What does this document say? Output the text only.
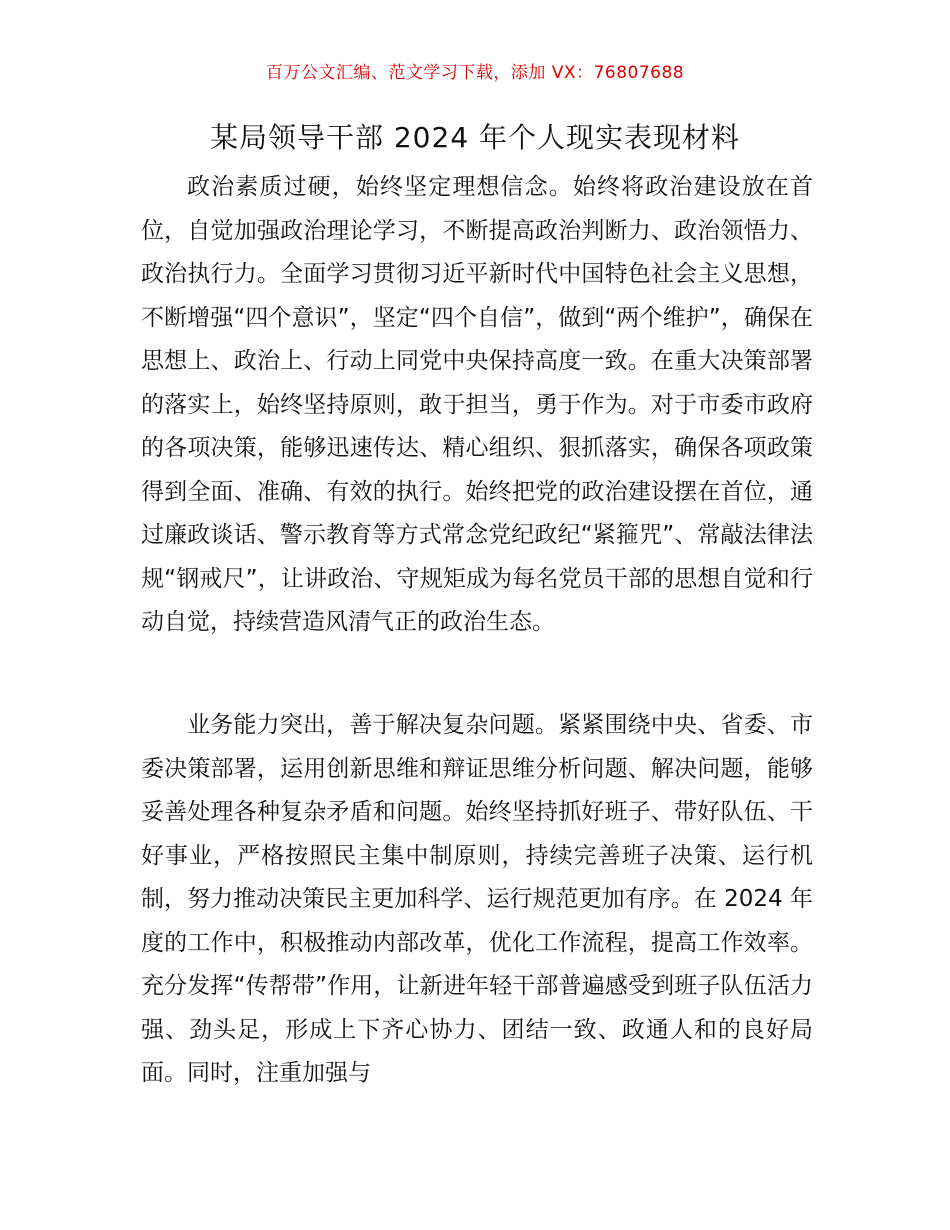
百万公文汇编、范文学习下载，添加 VX：76807688
某局领导干部 2024 年个人现实表现材料

政治素质过硬，始终坚定理想信念。始终将政治建设放在首位，自觉加强政治理论学习，不断提高政治判断力、政治领悟力、政治执行力。全面学习贯彻习近平新时代中国特色社会主义思想，不断增强“四个意识”，坚定“四个自信”，做到“两个维护”，确保在思想上、政治上、行动上同党中央保持高度一致。在重大决策部署的落实上，始终坚持原则，敢于担当，勇于作为。对于市委市政府的各项决策，能够迅速传达、精心组织、狠抓落实，确保各项政策得到全面、准确、有效的执行。始终把党的政治建设摆在首位，通过廉政谈话、警示教育等方式常念党纪政纪“紧箍咒”、常敲法律法规“钢戒尺”，让讲政治、守规矩成为每名党员干部的思想自觉和行动自觉，持续营造风清气正的政治生态。

业务能力突出，善于解决复杂问题。紧紧围绕中央、省委、市委决策部署，运用创新思维和辩证思维分析问题、解决问题，能够妥善处理各种复杂矛盾和问题。始终坚持抓好班子、带好队伍、干好事业，严格按照民主集中制原则，持续完善班子决策、运行机制，努力推动决策民主更加科学、运行规范更加有序。在 2024 年度的工作中，积极推动内部改革，优化工作流程，提高工作效率。充分发挥“传帮带”作用，让新进年轻干部普遍感受到班子队伍活力强、劲头足，形成上下齐心协力、团结一致、政通人和的良好局面。同时，注重加强与
